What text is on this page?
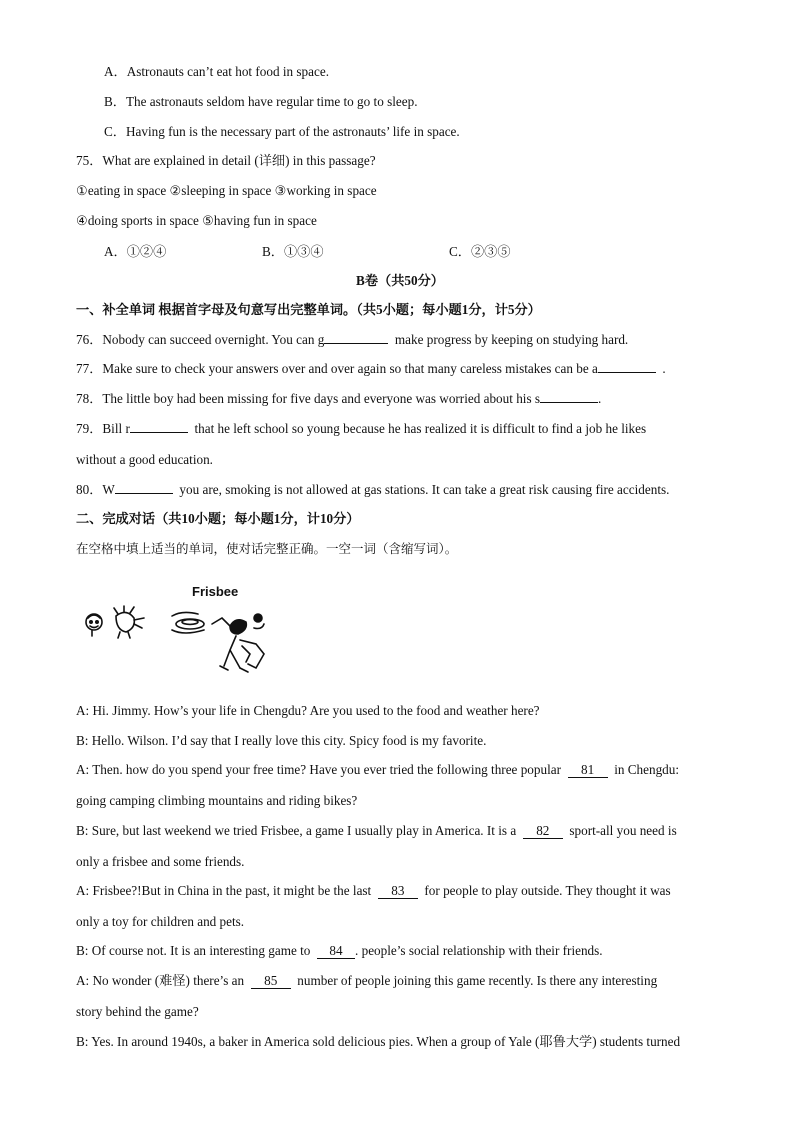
A．Astronauts can’t eat hot food in space.
B．The astronauts seldom have regular time to go to sleep.
C．Having fun is the necessary part of the astronauts’ life in space.
75．What are explained in detail (详细) in this passage?
①eating in space ②sleeping in space ③working in space
④doing sports in space ⑤having fun in space
A．①②④	B．①③④	C．②③⑤
B卷（共50分）
一、补全单词 根据首字母及句意写出完整单词。（共5小题；每小题1分，计5分）
76．Nobody can succeed overnight. You can g	make progress by keeping on studying hard.
77．Make sure to check your answers over and over again so that many careless mistakes can be a	.
78．The little boy had been missing for five days and everyone was worried about his s	.
79．Bill r	that he left school so young because he has realized it is difficult to find a job he likes
without a good education.
80．W	you are, smoking is not allowed at gas stations. It can take a great risk causing fire accidents.
二、完成对话（共10小题；每小题1分，计10分）
在空格中填上适当的单词，使对话完整正确。一空一词（含缩写词）。
Frisbee
A: Hi. Jimmy. How’s your life in Chengdu? Are you used to the food and weather here?
B: Hello. Wilson. I’d say that I really love this city. Spicy food is my favorite.
A: Then. how do you spend your free time? Have you ever tried the following three popular 81 in Chengdu:
going camping climbing mountains and riding bikes?
B: Sure, but last weekend we tried Frisbee, a game I usually play in America. It is a 82 sport-all you need is
only a frisbee and some friends.
A: Frisbee?!But in China in the past, it might be the last 83 for people to play outside. They thought it was
only a toy for children and pets.
B: Of course not. It is an interesting game to 84 . people’s social relationship with their friends.
A: No wonder (难怪) there’s an 85 number of people joining this game recently. Is there any interesting
story behind the game?
B: Yes. In around 1940s, a baker in America sold delicious pies. When a group of Yale (耶鲁大学) students turned
